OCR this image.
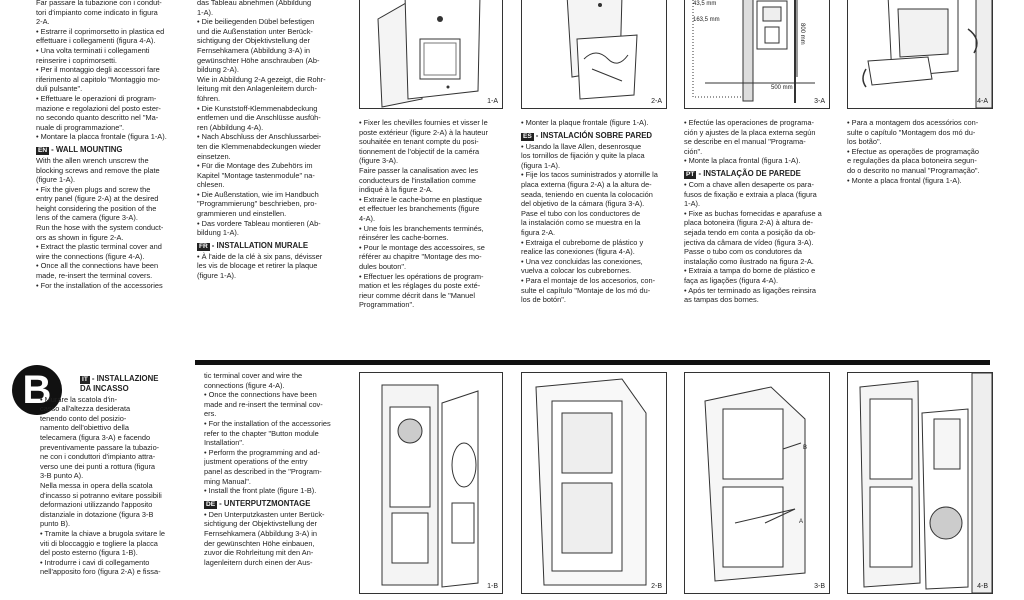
Far passare la tubazione con i condut-

tori d'impianto come indicato in figura

2-A.

• Estrarre il coprimorsetto in plastica ed

effettuare i collegamenti (figura 4-A).

• Una volta terminati i collegamenti

reinserire i coprimorsetti.

• Per il montaggio degli accessori fare

riferimento al capitolo "Montaggio mo-

duli pulsante".

• Effettuare le operazioni di program-

mazione e regolazioni del posto ester-

no secondo quanto descritto nel "Ma-

nuale di programmazione".

• Montare la placca frontale (figura 1-A).

EN - WALL MOUNTING

With the allen wrench unscrew the

blocking screws and remove the plate

(figure 1-A).

• Fix the given plugs and screw the

entry panel (figure 2-A) at the desired

height considering the position of the

lens of the camera (figure 3-A).

Run the hose with the system conduct-

ors as shown in figure 2-A.

• Extract the plastic terminal cover and

wire the connections (figure 4-A).

• Once all the connections have been

made, re-insert the terminal covers.

• For the installation of the accessories

das Tableau abnehmen (Abbildung

1-A).

• Die beiliegenden Dübel befestigen

und die Außenstation unter Berück-

sichtigung der Objektivstellung der

Fernsehkamera (Abbildung 3-A) in

gewünschter Höhe anschrauben (Ab-

bildung 2-A).

Wie in Abbildung 2-A gezeigt, die Rohr-

leitung mit den Anlagenleitern durch-

führen.

• Die Kunststoff-Klemmenabdeckung

entfernen und die Anschlüsse ausfüh-

ren (Abbildung 4-A).

• Nach Abschluss der Anschlussarbei-

ten die Klemmenabdeckungen wieder

einsetzen.

• Für die Montage des Zubehörs im

Kapitel "Montage tastenmodule" na-

chlesen.

• Die Außenstation, wie im Handbuch

"Programmierung" beschrieben, pro-

grammieren und einstellen.

• Das vordere Tableau montieren (Ab-

bildung 1-A).

FR - INSTALLATION MURALE

• À l'aide de la clé à six pans, dévisser

les vis de blocage et retirer la plaque

(figure 1-A).

• Fixer les chevilles fournies et visser le

poste extérieur (figure 2-A) à la hauteur

souhaitée en tenant compte du posi-

tionnement de l'objectif de la caméra

(figure 3-A).

Faire passer la canalisation avec les

conducteurs de l'installation comme

indiqué à la figure 2-A.

• Extraire le cache-borne en plastique

et effectuer les branchements (figure

4-A).

• Une fois les branchements terminés,

réinsérer les cache-bornes.

• Pour le montage des accessoires, se

référer au chapitre "Montage des mo-

dules bouton".

• Effectuer les opérations de program-

mation et les réglages du poste exté-

rieur comme décrit dans le "Manuel

Programmation".

• Monter la plaque frontale (figure 1-A).

ES - INSTALACIÓN SOBRE PARED

• Usando la llave Allen, desenrosque

los tornillos de fijación y quite la placa

(figura 1-A).

• Fije los tacos suministrados y atornille la

placa externa (figura 2-A) a la altura de-

seada, teniendo en cuenta la colocación

del objetivo de la cámara (figura 3-A).

Pase el tubo con los conductores de

la instalación como se muestra en la

figura 2-A.

• Extraiga el cubreborne de plástico y

realice las conexiones (figura 4-A).

• Una vez concluidas las conexiones,

vuelva a colocar los cubrebornes.

• Para el montaje de los accesorios, con-

sulte el capítulo "Montaje de los mó du-

los de botón".

• Efectúe las operaciones de programa-

ción y ajustes de la placa externa según

se describe en el manual "Programa-

ción".

• Monte la placa frontal (figura 1-A).

PT - INSTALAÇÃO DE PAREDE

• Com a chave allen desaperte os para-

fusos de fixação e extraia a placa (figura

1-A).

• Fixe as buchas fornecidas e aparafuse a

placa botoneira (figura 2-A) à altura de-

sejada tendo em conta a posição da ob-

jectiva da câmara de vídeo (figura 3-A).

Passe o tubo com os condutores da

instalação como ilustrado na figura 2-A.

• Extraia a tampa do borne de plástico e

faça as ligações (figura 4-A).

• Após ter terminado as ligações reinsira

as tampas dos bornes.

• Para a montagem dos acessórios con-

sulte o capítulo "Montagem dos mó du-

los botão".

• Efectue as operações de programação

e regulações da placa botoneira segun-

do o descrito no manual "Programação".

• Monte a placa frontal (figura 1-A).

1-A	2-A
43,5 mm
163,5 mm
500 mm
800 mm
3-A	4-A
B	IT - INSTALLAZIONE
DA INCASSO

• Murare la scatola d'in-

casso all'altezza desiderata

tenendo conto del posizio-

namento dell'obiettivo della

telecamera (figura 3-A) e facendo

preventivamente passare la tubazio-

ne con i conduttori d'impianto attra-

verso une dei punti a rottura (figura

3-B punto A).

Nella messa in opera della scatola

d'incasso si potranno evitare possibili

deformazioni utilizzando l'apposito

distanziale in dotazione (figura 3-B

punto B).

• Tramite la chiave a brugola svitare le

viti di bloccaggio e togliere la placca

del posto esterno (figura 1-B).

• Introdurre i cavi di collegamento

nell'apposito foro (figura 2-A) e fissa-

tic terminal cover and wire the

connections (figure 4-A).

• Once the connections have been

made and re-insert the terminal cov-

ers.

• For the installation of the accessories

refer to the chapter "Button module

Installation".

• Perform the programming and ad-

justment operations of the entry

panel as described in the "Program-

ming Manual".

• Install the front plate (figure 1-B).

DE - UNTERPUTZMONTAGE

• Den Unterputzkasten unter Berück-

sichtigung der Objektivstellung der

Fernsehkamera (Abbildung 3-A) in

der gewünschten Höhe einbauen,

zuvor die Rohrleitung mit den An-

lagenleitern durch einen der Aus-

1-B	2-B
B
A
3-B	4-B
